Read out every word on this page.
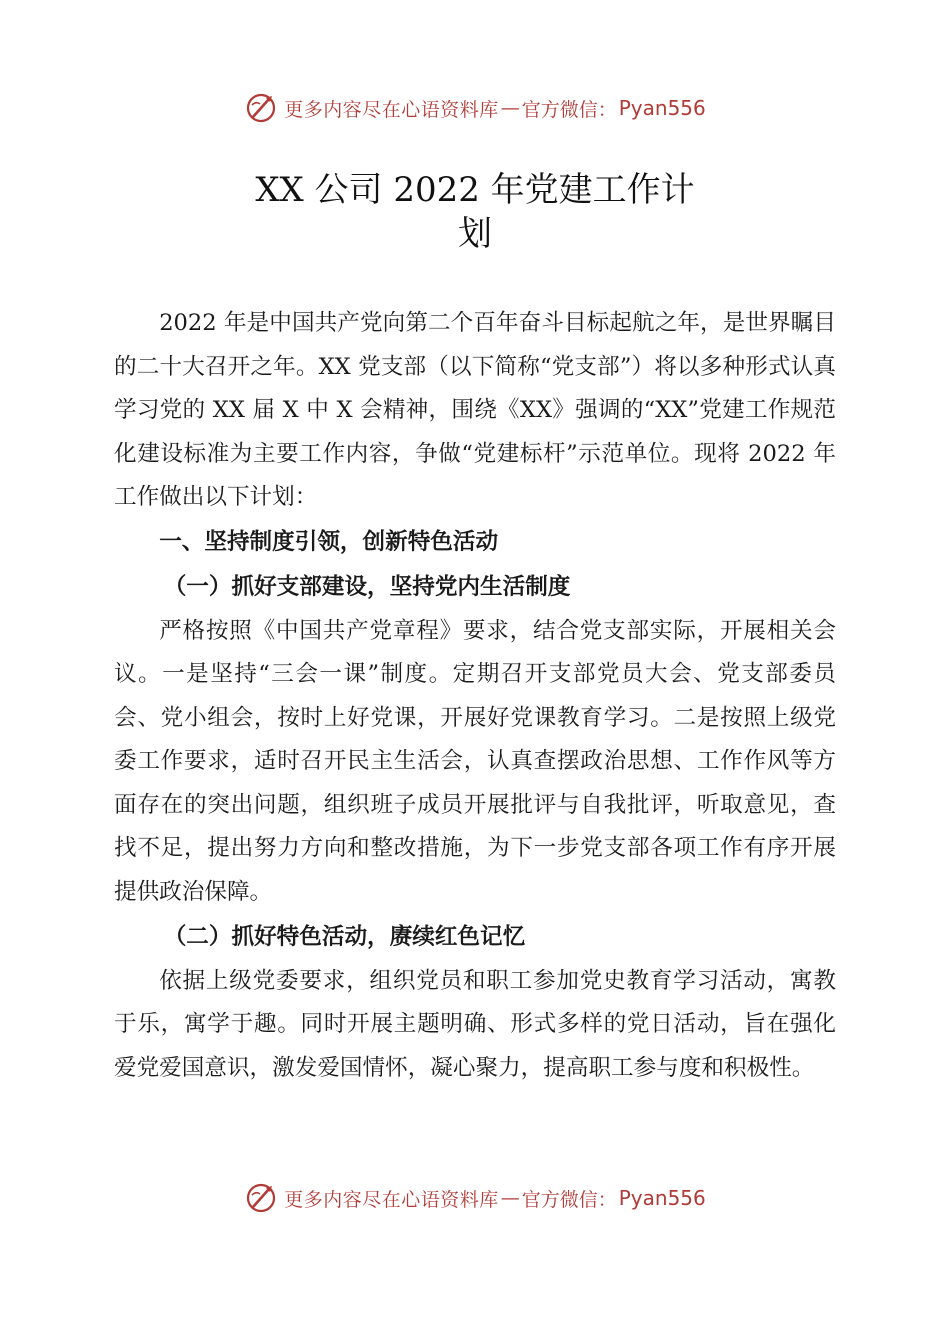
更多内容尽在心语资料库 — 官方微信： Pyan556
XX 公司 2022 年党建工作计
划

2022 年是中国共产党向第二个百年奋斗目标起航之年，是世界瞩目的二十大召开之年。XX 党支部（以下简称“党支部”）将以多种形式认真学习党的 XX 届 X 中 X 会精神，围绕《XX》强调的“XX”党建工作规范化建设标准为主要工作内容，争做“党建标杆”示范单位。现将 2022 年工作做出以下计划：

一、坚持制度引领，创新特色活动

（一）抓好支部建设，坚持党内生活制度

严格按照《中国共产党章程》要求，结合党支部实际，开展相关会议。一是坚持“三会一课”制度。定期召开支部党员大会、党支部委员会、党小组会，按时上好党课，开展好党课教育学习。二是按照上级党委工作要求，适时召开民主生活会，认真查摆政治思想、工作作风等方面存在的突出问题，组织班子成员开展批评与自我批评，听取意见，查找不足，提出努力方向和整改措施，为下一步党支部各项工作有序开展提供政治保障。

（二）抓好特色活动，赓续红色记忆

依据上级党委要求，组织党员和职工参加党史教育学习活动，寓教于乐，寓学于趣。同时开展主题明确、形式多样的党日活动，旨在强化爱党爱国意识，激发爱国情怀，凝心聚力，提高职工参与度和积极性。

更多内容尽在心语资料库 — 官方微信： Pyan556
